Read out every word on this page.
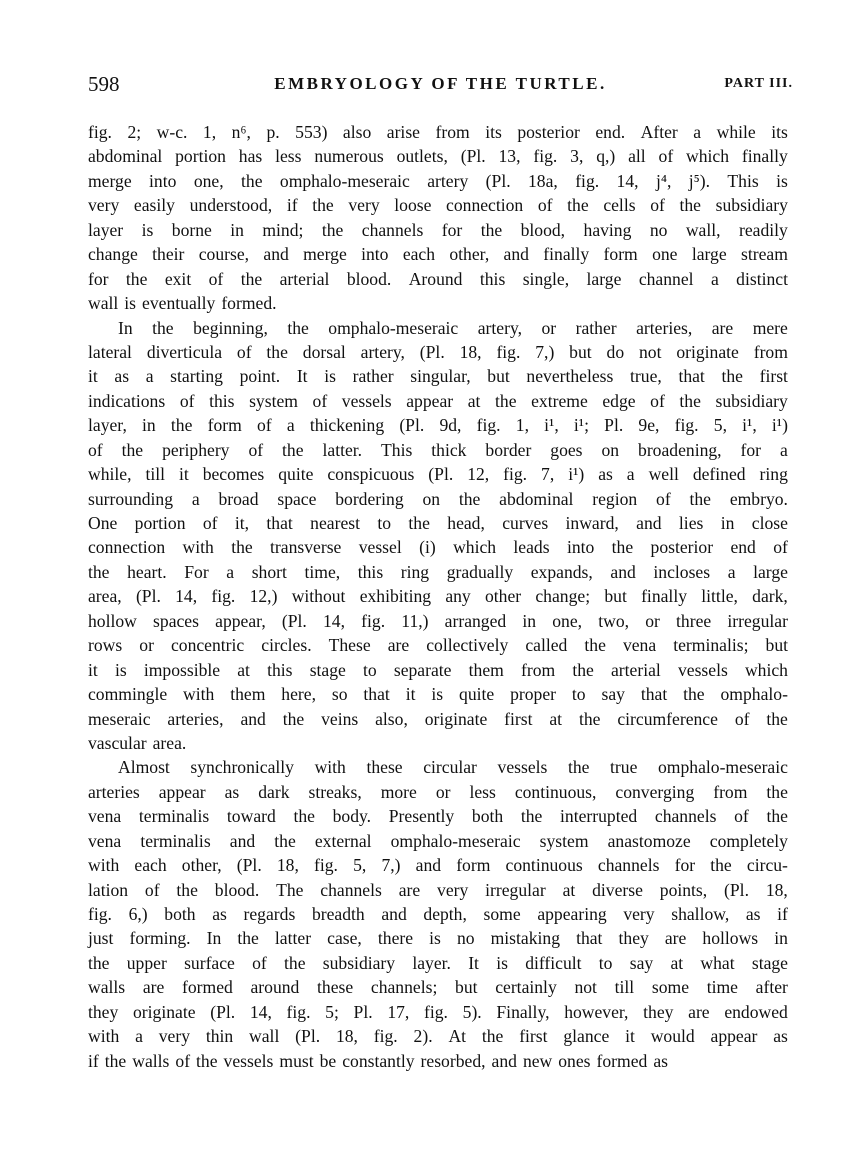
598	EMBRYOLOGY OF THE TURTLE.	PART III.
fig. 2; w-c. 1, n⁶, p. 553) also arise from its posterior end. After a while its
abdominal portion has less numerous outlets, (Pl. 13, fig. 3, q,) all of which finally
merge into one, the omphalo-meseraic artery (Pl. 18a, fig. 14, j⁴, j⁵). This is
very easily understood, if the very loose connection of the cells of the subsidiary
layer is borne in mind; the channels for the blood, having no wall, readily
change their course, and merge into each other, and finally form one large stream
for the exit of the arterial blood. Around this single, large channel a distinct
wall is eventually formed.
In the beginning, the omphalo-meseraic artery, or rather arteries, are mere
lateral diverticula of the dorsal artery, (Pl. 18, fig. 7,) but do not originate from
it as a starting point. It is rather singular, but nevertheless true, that the first
indications of this system of vessels appear at the extreme edge of the subsidiary
layer, in the form of a thickening (Pl. 9d, fig. 1, i¹, i¹; Pl. 9e, fig. 5, i¹, i¹)
of the periphery of the latter. This thick border goes on broadening, for a
while, till it becomes quite conspicuous (Pl. 12, fig. 7, i¹) as a well defined ring
surrounding a broad space bordering on the abdominal region of the embryo.
One portion of it, that nearest to the head, curves inward, and lies in close
connection with the transverse vessel (i) which leads into the posterior end of
the heart. For a short time, this ring gradually expands, and incloses a large
area, (Pl. 14, fig. 12,) without exhibiting any other change; but finally little, dark,
hollow spaces appear, (Pl. 14, fig. 11,) arranged in one, two, or three irregular
rows or concentric circles. These are collectively called the vena terminalis; but
it is impossible at this stage to separate them from the arterial vessels which
commingle with them here, so that it is quite proper to say that the omphalo-
meseraic arteries, and the veins also, originate first at the circumference of the
vascular area.
Almost synchronically with these circular vessels the true omphalo-meseraic
arteries appear as dark streaks, more or less continuous, converging from the
vena terminalis toward the body. Presently both the interrupted channels of the
vena terminalis and the external omphalo-meseraic system anastomoze completely
with each other, (Pl. 18, fig. 5, 7,) and form continuous channels for the circu-
lation of the blood. The channels are very irregular at diverse points, (Pl. 18,
fig. 6,) both as regards breadth and depth, some appearing very shallow, as if
just forming. In the latter case, there is no mistaking that they are hollows in
the upper surface of the subsidiary layer. It is difficult to say at what stage
walls are formed around these channels; but certainly not till some time after
they originate (Pl. 14, fig. 5; Pl. 17, fig. 5). Finally, however, they are endowed
with a very thin wall (Pl. 18, fig. 2). At the first glance it would appear as
if the walls of the vessels must be constantly resorbed, and new ones formed as
